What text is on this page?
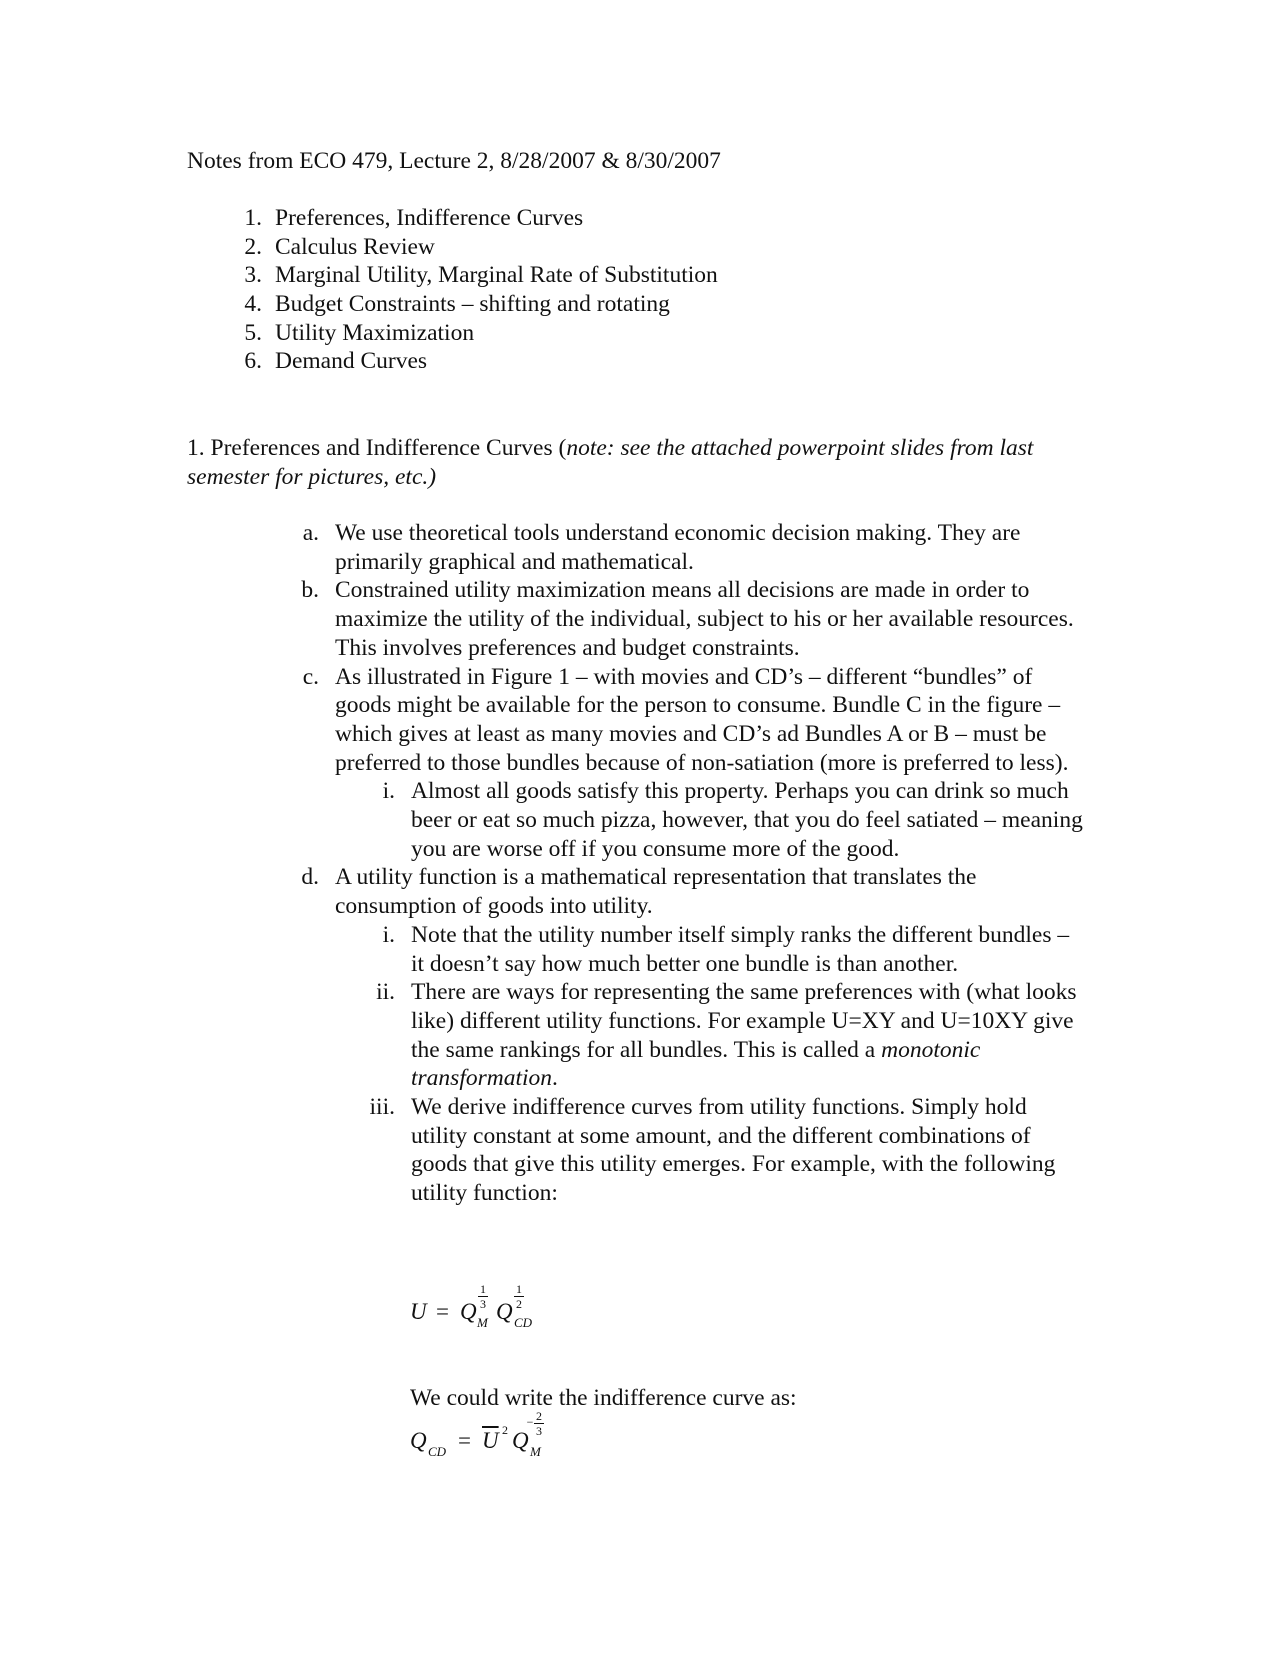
Notes from ECO 479, Lecture 2, 8/28/2007 & 8/30/2007
1. Preferences, Indifference Curves
2. Calculus Review
3. Marginal Utility, Marginal Rate of Substitution
4. Budget Constraints – shifting and rotating
5. Utility Maximization
6. Demand Curves
1. Preferences and Indifference Curves (note: see the attached powerpoint slides from last semester for pictures, etc.)
a. We use theoretical tools understand economic decision making. They are primarily graphical and mathematical.
b. Constrained utility maximization means all decisions are made in order to maximize the utility of the individual, subject to his or her available resources. This involves preferences and budget constraints.
c. As illustrated in Figure 1 – with movies and CD’s – different “bundles” of goods might be available for the person to consume. Bundle C in the figure – which gives at least as many movies and CD’s ad Bundles A or B – must be preferred to those bundles because of non-satiation (more is preferred to less).
i. Almost all goods satisfy this property. Perhaps you can drink so much beer or eat so much pizza, however, that you do feel satiated – meaning you are worse off if you consume more of the good.
d. A utility function is a mathematical representation that translates the consumption of goods into utility.
i. Note that the utility number itself simply ranks the different bundles – it doesn’t say how much better one bundle is than another.
ii. There are ways for representing the same preferences with (what looks like) different utility functions. For example U=XY and U=10XY give the same rankings for all bundles. This is called a monotonic transformation.
iii. We derive indifference curves from utility functions. Simply hold utility constant at some amount, and the different combinations of goods that give this utility emerges. For example, with the following utility function:
U = Q
1
3
M Q
1
2
CD
We could write the indifference curve as:
Q CD = $\overline{U}$ 2 Q M
− 2
3
